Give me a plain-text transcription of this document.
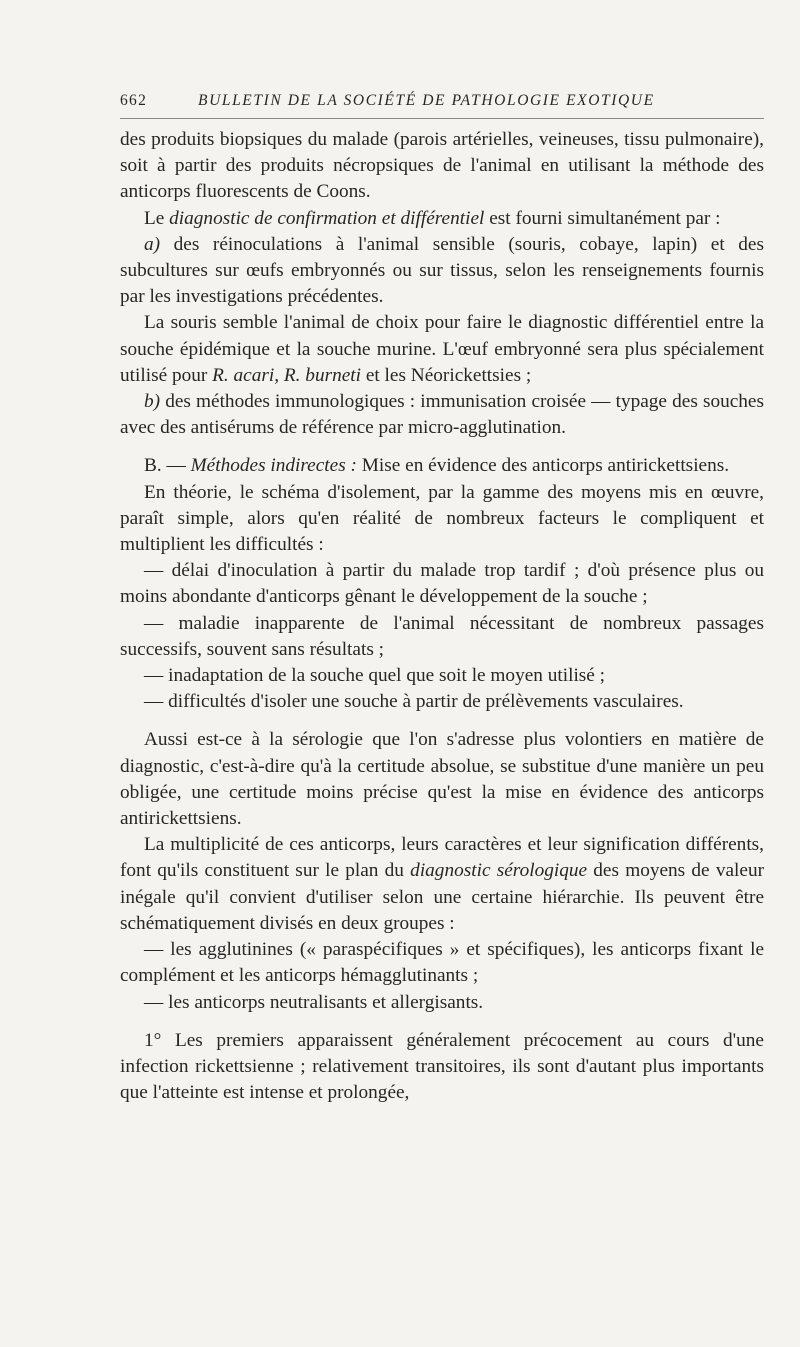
662	BULLETIN DE LA SOCIÉTÉ DE PATHOLOGIE EXOTIQUE

des produits biopsiques du malade (parois artérielles, veineuses, tissu pulmonaire), soit à partir des produits nécropsiques de l'animal en utilisant la méthode des anticorps fluorescents de Coons.

Le diagnostic de confirmation et différentiel est fourni simultanément par :

a) des réinoculations à l'animal sensible (souris, cobaye, lapin) et des subcultures sur œufs embryonnés ou sur tissus, selon les renseignements fournis par les investigations précédentes.

La souris semble l'animal de choix pour faire le diagnostic différentiel entre la souche épidémique et la souche murine. L'œuf embryonné sera plus spécialement utilisé pour R. acari, R. burneti et les Néorickettsies ;

b) des méthodes immunologiques : immunisation croisée — typage des souches avec des antisérums de référence par micro-agglutination.

B. — Méthodes indirectes : Mise en évidence des anticorps antirickettsiens.

En théorie, le schéma d'isolement, par la gamme des moyens mis en œuvre, paraît simple, alors qu'en réalité de nombreux facteurs le compliquent et multiplient les difficultés :

— délai d'inoculation à partir du malade trop tardif ; d'où présence plus ou moins abondante d'anticorps gênant le développement de la souche ;

— maladie inapparente de l'animal nécessitant de nombreux passages successifs, souvent sans résultats ;

— inadaptation de la souche quel que soit le moyen utilisé ;

— difficultés d'isoler une souche à partir de prélèvements vasculaires.

Aussi est-ce à la sérologie que l'on s'adresse plus volontiers en matière de diagnostic, c'est-à-dire qu'à la certitude absolue, se substitue d'une manière un peu obligée, une certitude moins précise qu'est la mise en évidence des anticorps antirickettsiens.

La multiplicité de ces anticorps, leurs caractères et leur signification différents, font qu'ils constituent sur le plan du diagnostic sérologique des moyens de valeur inégale qu'il convient d'utiliser selon une certaine hiérarchie. Ils peuvent être schématiquement divisés en deux groupes :

— les agglutinines (« paraspécifiques » et spécifiques), les anticorps fixant le complément et les anticorps hémagglutinants ;

— les anticorps neutralisants et allergisants.

1° Les premiers apparaissent généralement précocement au cours d'une infection rickettsienne ; relativement transitoires, ils sont d'autant plus importants que l'atteinte est intense et prolongée,
